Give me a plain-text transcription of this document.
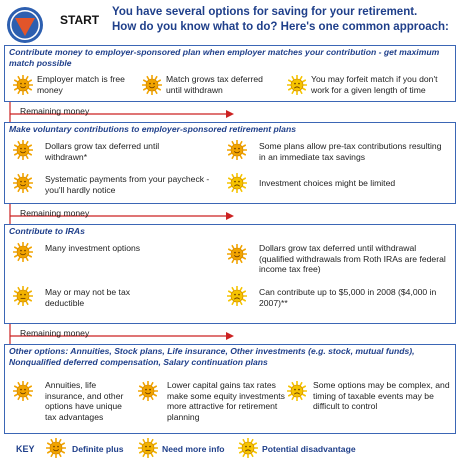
START
You have several options for saving for your retirement.
How do you know what to do? Here's one common approach:
Contribute money to employer-sponsored plan when employer matches your contribution - get maximum match possible
Employer match is free money
Match grows tax deferred until withdrawn
You may forfeit match if you don't work for a given length of time
Remaining money
Make voluntary contributions to employer-sponsored retirement plans
Dollars grow tax deferred until withdrawn*
Some plans allow pre-tax contributions resulting in an immediate tax savings
Systematic payments from your paycheck - you'll hardly notice
Investment choices might be limited
Remaining money
Contribute to IRAs
Many investment options	Dollars grow tax deferred until withdrawal (qualified withdrawals from Roth IRAs are federal income tax free)
May or may not be tax deductible
Can contribute up to $5,000 in 2008 ($4,000 in 2007)**
Remaining money
Other options: Annuities, Stock plans, Life insurance, Other investments (e.g. stock, mutual funds), Nonqualified deferred compensation, Salary continuation plans
Annuities, life insurance, and other options have unique tax advantages
Lower capital gains tax rates make some equity investments more attractive for retirement planning
Some options may be complex, and timing of taxable events may be difficult to control
KEY	Definite plus	Need more info	Potential disadvantage
